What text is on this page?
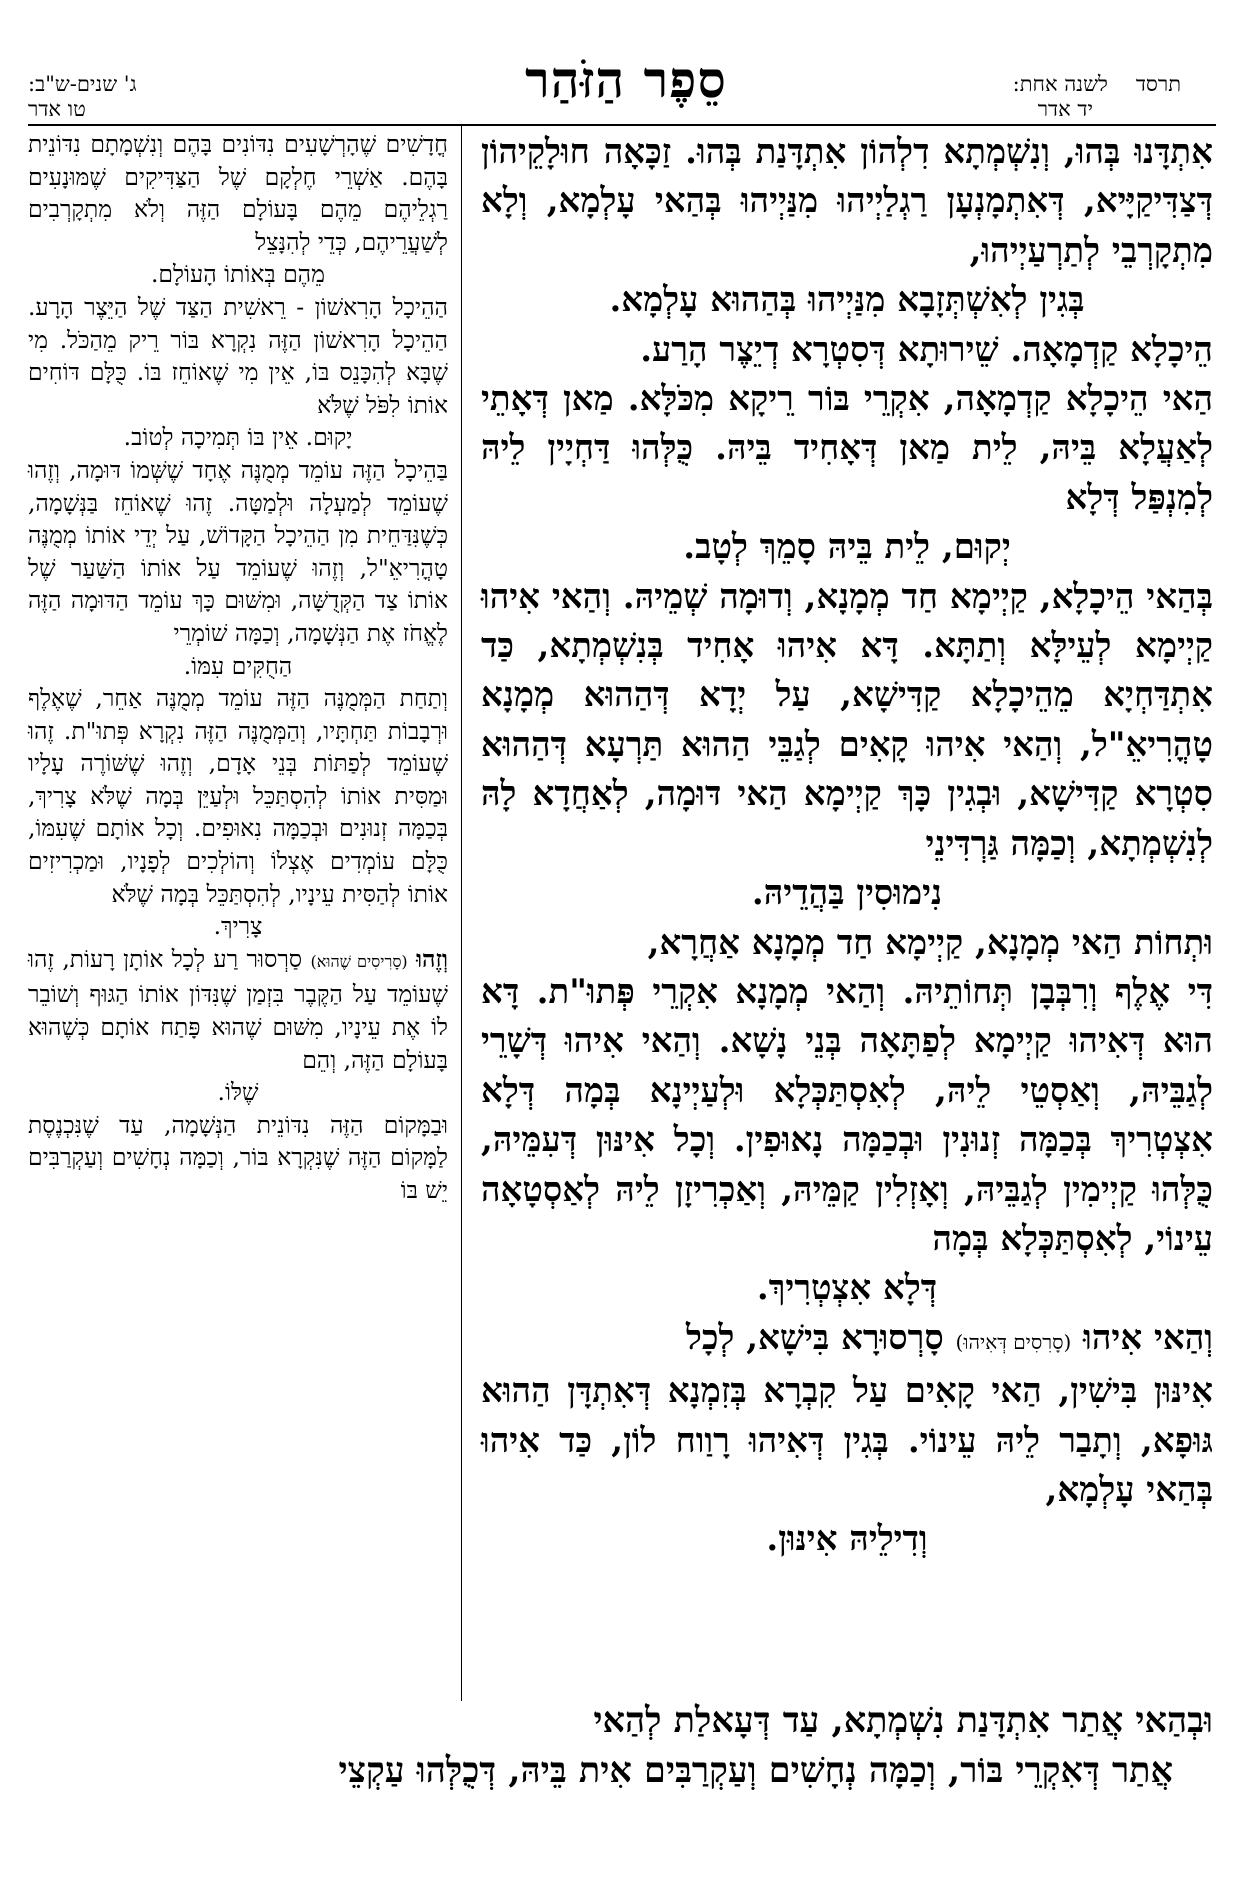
תרסד
לשנה אחת:
יד אדר
סֵפֶר הַזֹּהַר
ג' שנים-ש"ב:
טו אדר

אִתְדָּנוּ בְּהוּ, וְנִשְׁמְתָא דִלְהוֹן אִתְדָּנַת בְּהוּ. זַכָּאָה חוּלָקֵיהוֹן דְּצַדִּיקַיָּיא, דְּאִתְמָנְעָן רַגְלַיְיהוּ מִנַּיְיהוּ בְּהַאי עָלְמָא, וְלָא מִתְקָרְבֵי לְתַרְעַיְיהוּ,

בְּגִין לְאִשְׁתְּזָבָא מִנַּיְיהוּ בְּהַהוּא עָלְמָא.

הֵיכָלָא קַדְמָאָה. שֵׁירוּתָא דְּסִטְרָא דְיֵצֶר הָרַע.

הַאי הֵיכָלָא קַדְמָאָה, אִקְרֵי בּוֹר רֵיקָא מִכֹּלָּא. מַאן דְּאָתֵי לְאַעֲלָא בֵּיהּ, לֵית מַאן דְּאָחִיד בֵּיהּ. כֻּלְּהוּ דַּחְיָין לֵיהּ לְמִנְפַּל דְּלָא

יְקוּם, לֵית בֵּיהּ סָמֵךְ לְטָב.

בְּהַאי הֵיכָלָא, קַיְימָא חַד מְמָנָא, וְדוּמָה שְׁמֵיהּ. וְהַאי אִיהוּ קַיְימָא לְעֵילָּא וְתַתָּא. דָּא אִיהוּ אָחִיד בְּנִשְׁמְתָא, כַּד אִתְדַּחְיָא מֵהֵיכָלָא קַדִּישָׁא, עַל יְדָא דְּהַהוּא מְמָנָא טָהֳרִיאֵ"ל, וְהַאי אִיהוּ קָאִים לְגַבֵּי הַהוּא תַּרְעָא דְּהַהוּא סִטְרָא קַדִּישָׁא, וּבְגִין כָּךְ קַיְימָא הַאי דּוּמָה, לְאַחֲדָא לָהּ לְנִשְׁמְתָא, וְכַמָּה גַּרְדִּינֵי

נִימוּסִין בַּהֲדֵיהּ.

וּתְחוֹת הַאי מְמָנָא, קַיְימָא חַד מְמָנָא אַחֲרָא,

דִּי אֶלֶף וְרִבְּבָן תְּחוֹתֵיהּ. וְהַאי מְמָנָא אִקְרֵי פְּתוּ"ת. דָּא הוּא דְּאִיהוּ קַיְימָא לְפַתָּאָה בְּנֵי נָשָׁא. וְהַאי אִיהוּ דְּשָׁרֵי לְגַבֵּיהּ, וְאַסְטֵי לֵיהּ, לְאִסְתַּכְּלָא וּלְעַיְינָא בְּמָה דְּלָא אִצְטְרִיךְ בְּכַמָּה זְנוּנִין וּבְכַמָּה נָאוּפִין. וְכָל אִינּוּן דְּעִמֵּיהּ, כֻּלְּהוּ קַיְימִין לְגַבֵּיהּ, וְאָזְלִין קַמֵּיהּ, וְאַכְרִיזָן לֵיהּ לְאַסְטָאָה עֵינוֹי, לְאִסְתַּכְּלָא בְּמָה

דְּלָא אִצְטְרִיךְ.

וְהַאי אִיהוּ (סָרִסִים דְּאִיהוּ) סָרְסוּרָא בִּישָׁא, לְכָל

אִינּוּן בִּישִׁין, הַאי קָאִים עַל קִבְרָא בְּזִמְנָא דְּאִתְדָּן הַהוּא גּוּפָא, וְתָבַר לֵיהּ עֵינוֹי. בְּגִין דְּאִיהוּ רָוַוח לוֹן, כַּד אִיהוּ בְּהַאי עָלְמָא,

וְדִילֵיהּ אִינּוּן.

חֳדָשִׁים שֶׁהָרְשָׁעִים נִדּוֹנִים בָּהֶם וְנִשְׁמָתָם נִדּוֹנֵית בָּהֶם. אַשְׁרֵי חֶלְקָם שֶׁל הַצַּדִּיקִים שֶׁמּוּנָעִים רַגְלֵיהֶם מֵהֶם בָּעוֹלָם הַזֶּה וְלֹא מִתְקָרְבִים לְשַׁעֲרֵיהֶם, כְּדֵי לְהִנָּצֵל

מֵהֶם בְּאוֹתוֹ הָעוֹלָם.

הַהֵיכָל הָרִאשׁוֹן - רֵאשִׁית הַצַּד שֶׁל הַיֵּצֶר הָרָע. הַהֵיכָל הָרִאשׁוֹן הַזֶּה נִקְרָא בּוֹר רֵיק מֵהַכֹּל. מִי שֶׁבָּא לְהִכָּנֵס בּוֹ, אֵין מִי שֶׁאוֹחֵז בּוֹ. כֻּלָּם דּוֹחִים אוֹתוֹ לִפֹּל שֶׁלֹּא

יָקוּם. אֵין בּוֹ תְּמִיכָה לְטוֹב.

בַּהֵיכָל הַזֶּה עוֹמֵד מְמֻנֶּה אֶחָד שֶׁשְּׁמוֹ דּוּמָה, וְזֶהוּ שֶׁעוֹמֵד לְמַעְלָה וּלְמַטָּה. זֶהוּ שֶׁאוֹחֵז בַּנְּשָׁמָה, כְּשֶׁנִּדַּחֵית מִן הַהֵיכָל הַקָּדוֹשׁ, עַל יְדֵי אוֹתוֹ מְמֻנֶּה טָהֳרִיאֵ"ל, וְזֶהוּ שֶׁעוֹמֵד עַל אוֹתוֹ הַשַּׁעַר שֶׁל אוֹתוֹ צַד הַקְּדֻשָּׁה, וּמִשּׁוּם כָּךְ עוֹמֵד הַדּוּמָה הַזֶּה לֶאֱחֹז אֶת הַנְּשָׁמָה, וְכַמָּה שׁוֹמְרֵי

הַחֻקִּים עִמּוֹ.

וְתַחַת הַמְּמֻנֶּה הַזֶּה עוֹמֵד מְמֻנֶּה אַחֵר, שֶׁאֶלֶף וּרְבָבוֹת תַּחְתָּיו, וְהַמְּמֻנֶּה הַזֶּה נִקְרָא פְּתוּ"ת. זֶהוּ שֶׁעוֹמֵד לְפַתּוֹת בְּנֵי אָדָם, וְזֶהוּ שֶׁשּׁוֹרֶה עָלָיו וּמַסִּית אוֹתוֹ לְהִסְתַּכֵּל וּלְעַיֵּן בְּמָה שֶׁלֹּא צָרִיךְ, בְּכַמָּה זְנוּנִים וּבְכַמָּה נִאוּפִים. וְכָל אוֹתָם שֶׁעִמּוֹ, כֻּלָּם עוֹמְדִים אֶצְלוֹ וְהוֹלְכִים לְפָנָיו, וּמַכְרִיזִים אוֹתוֹ לְהַסִּית עֵינָיו, לְהִסְתַּכֵּל בְּמָה שֶׁלֹּא

צָרִיךְ.

וְזֶהוּ (סָרִיסִים שֶׁהוּא) סַרְסוּר רַע לְכָל אוֹתָן רָעוֹת, זֶהוּ שֶׁעוֹמֵד עַל הַקֶּבֶר בִּזְמַן שֶׁנִּדּוֹן אוֹתוֹ הַגּוּף וְשׁוֹבֵר לוֹ אֶת עֵינָיו, מִשּׁוּם שֶׁהוּא פָּתַח אוֹתָם כְּשֶׁהוּא בָּעוֹלָם הַזֶּה, וְהֵם

שֶׁלּוֹ.

וּבַמָּקוֹם הַזֶּה נִדּוֹנֵית הַנְּשָׁמָה, עַד שֶׁנִּכְנֶסֶת לַמָּקוֹם הַזֶּה שֶׁנִּקְרָא בּוֹר, וְכַמָּה נְחָשִׁים וְעַקְרַבִּים יֵשׁ בּוֹ

וּבְהַאי אֲתַר אִתְדָּנַת נִשְׁמְתָא, עַד דְּעָאלַת לְהַאי

אֲתַר דְּאִקְרֵי בּוֹר, וְכַמָּה נְחָשִׁים וְעַקְרַבִּים אִית בֵּיהּ, דְּכֻלְּהוּ עַקְצֵי
